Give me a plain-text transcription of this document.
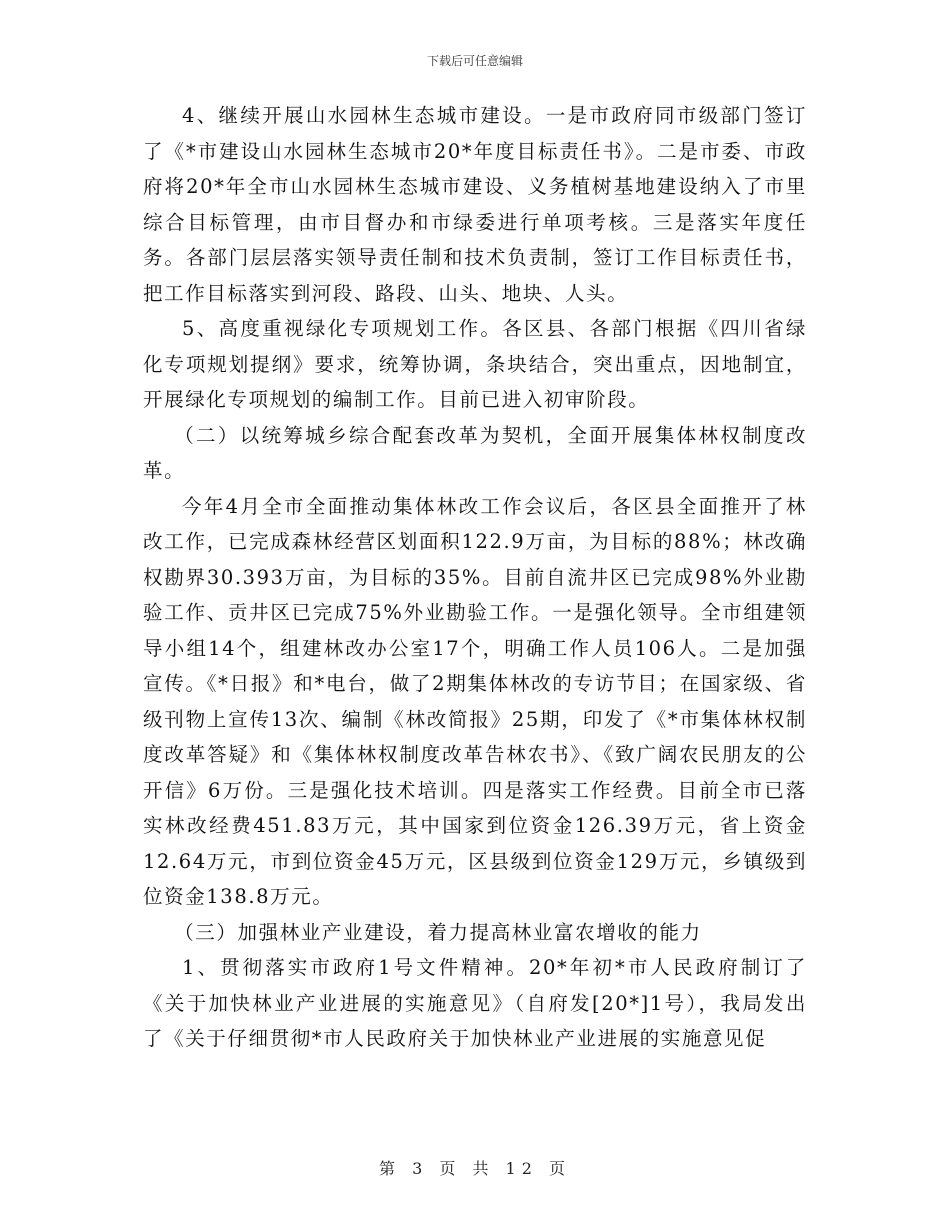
下载后可任意编辑

4、继续开展山水园林生态城市建设。一是市政府同市级部门签订了《*市建设山水园林生态城市20*年度目标责任书》。二是市委、市政府将20*年全市山水园林生态城市建设、义务植树基地建设纳入了市里综合目标管理，由市目督办和市绿委进行单项考核。三是落实年度任务。各部门层层落实领导责任制和技术负责制，签订工作目标责任书，把工作目标落实到河段、路段、山头、地块、人头。

5、高度重视绿化专项规划工作。各区县、各部门根据《四川省绿化专项规划提纲》要求，统筹协调，条块结合，突出重点，因地制宜，开展绿化专项规划的编制工作。目前已进入初审阶段。

（二）以统筹城乡综合配套改革为契机，全面开展集体林权制度改革。

今年4月全市全面推动集体林改工作会议后，各区县全面推开了林改工作，已完成森林经营区划面积122.9万亩，为目标的88%；林改确权勘界30.393万亩，为目标的35%。目前自流井区已完成98%外业勘验工作、贡井区已完成75%外业勘验工作。一是强化领导。全市组建领导小组14个，组建林改办公室17个，明确工作人员106人。二是加强宣传。《*日报》和*电台，做了2期集体林改的专访节目；在国家级、省级刊物上宣传13次、编制《林改简报》25期，印发了《*市集体林权制度改革答疑》和《集体林权制度改革告林农书》、《致广阔农民朋友的公开信》6万份。三是强化技术培训。四是落实工作经费。目前全市已落实林改经费451.83万元，其中国家到位资金126.39万元，省上资金12.64万元，市到位资金45万元，区县级到位资金129万元，乡镇级到位资金138.8万元。

（三）加强林业产业建设，着力提高林业富农增收的能力

1、贯彻落实市政府1号文件精神。20*年初*市人民政府制订了《关于加快林业产业进展的实施意见》（自府发[20*]1号），我局发出了《关于仔细贯彻*市人民政府关于加快林业产业进展的实施意见促

第 3 页 共 12 页
